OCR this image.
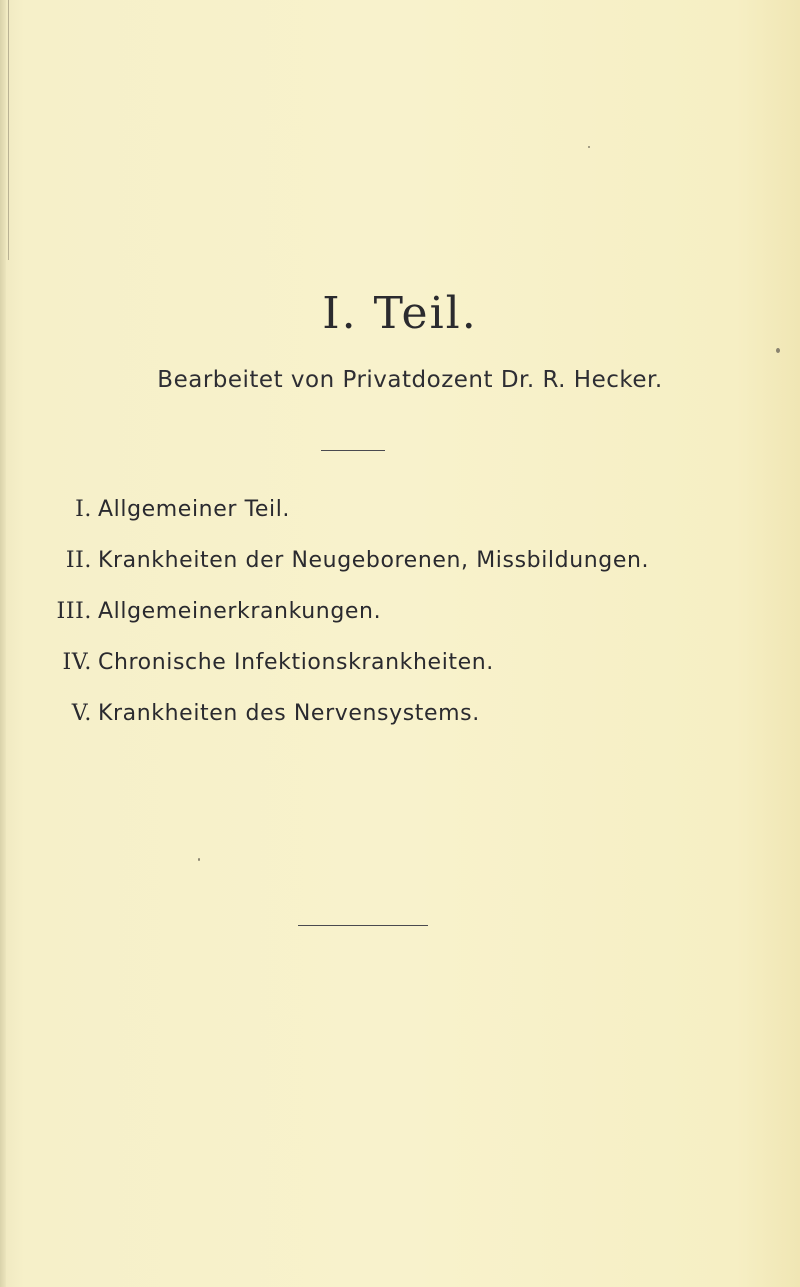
I. Teil.
Bearbeitet von Privatdozent Dr. R. Hecker.
I. Allgemeiner Teil.
II. Krankheiten der Neugeborenen, Missbildungen.
III. Allgemeinerkrankungen.
IV. Chronische Infektionskrankheiten.
V. Krankheiten des Nervensystems.
